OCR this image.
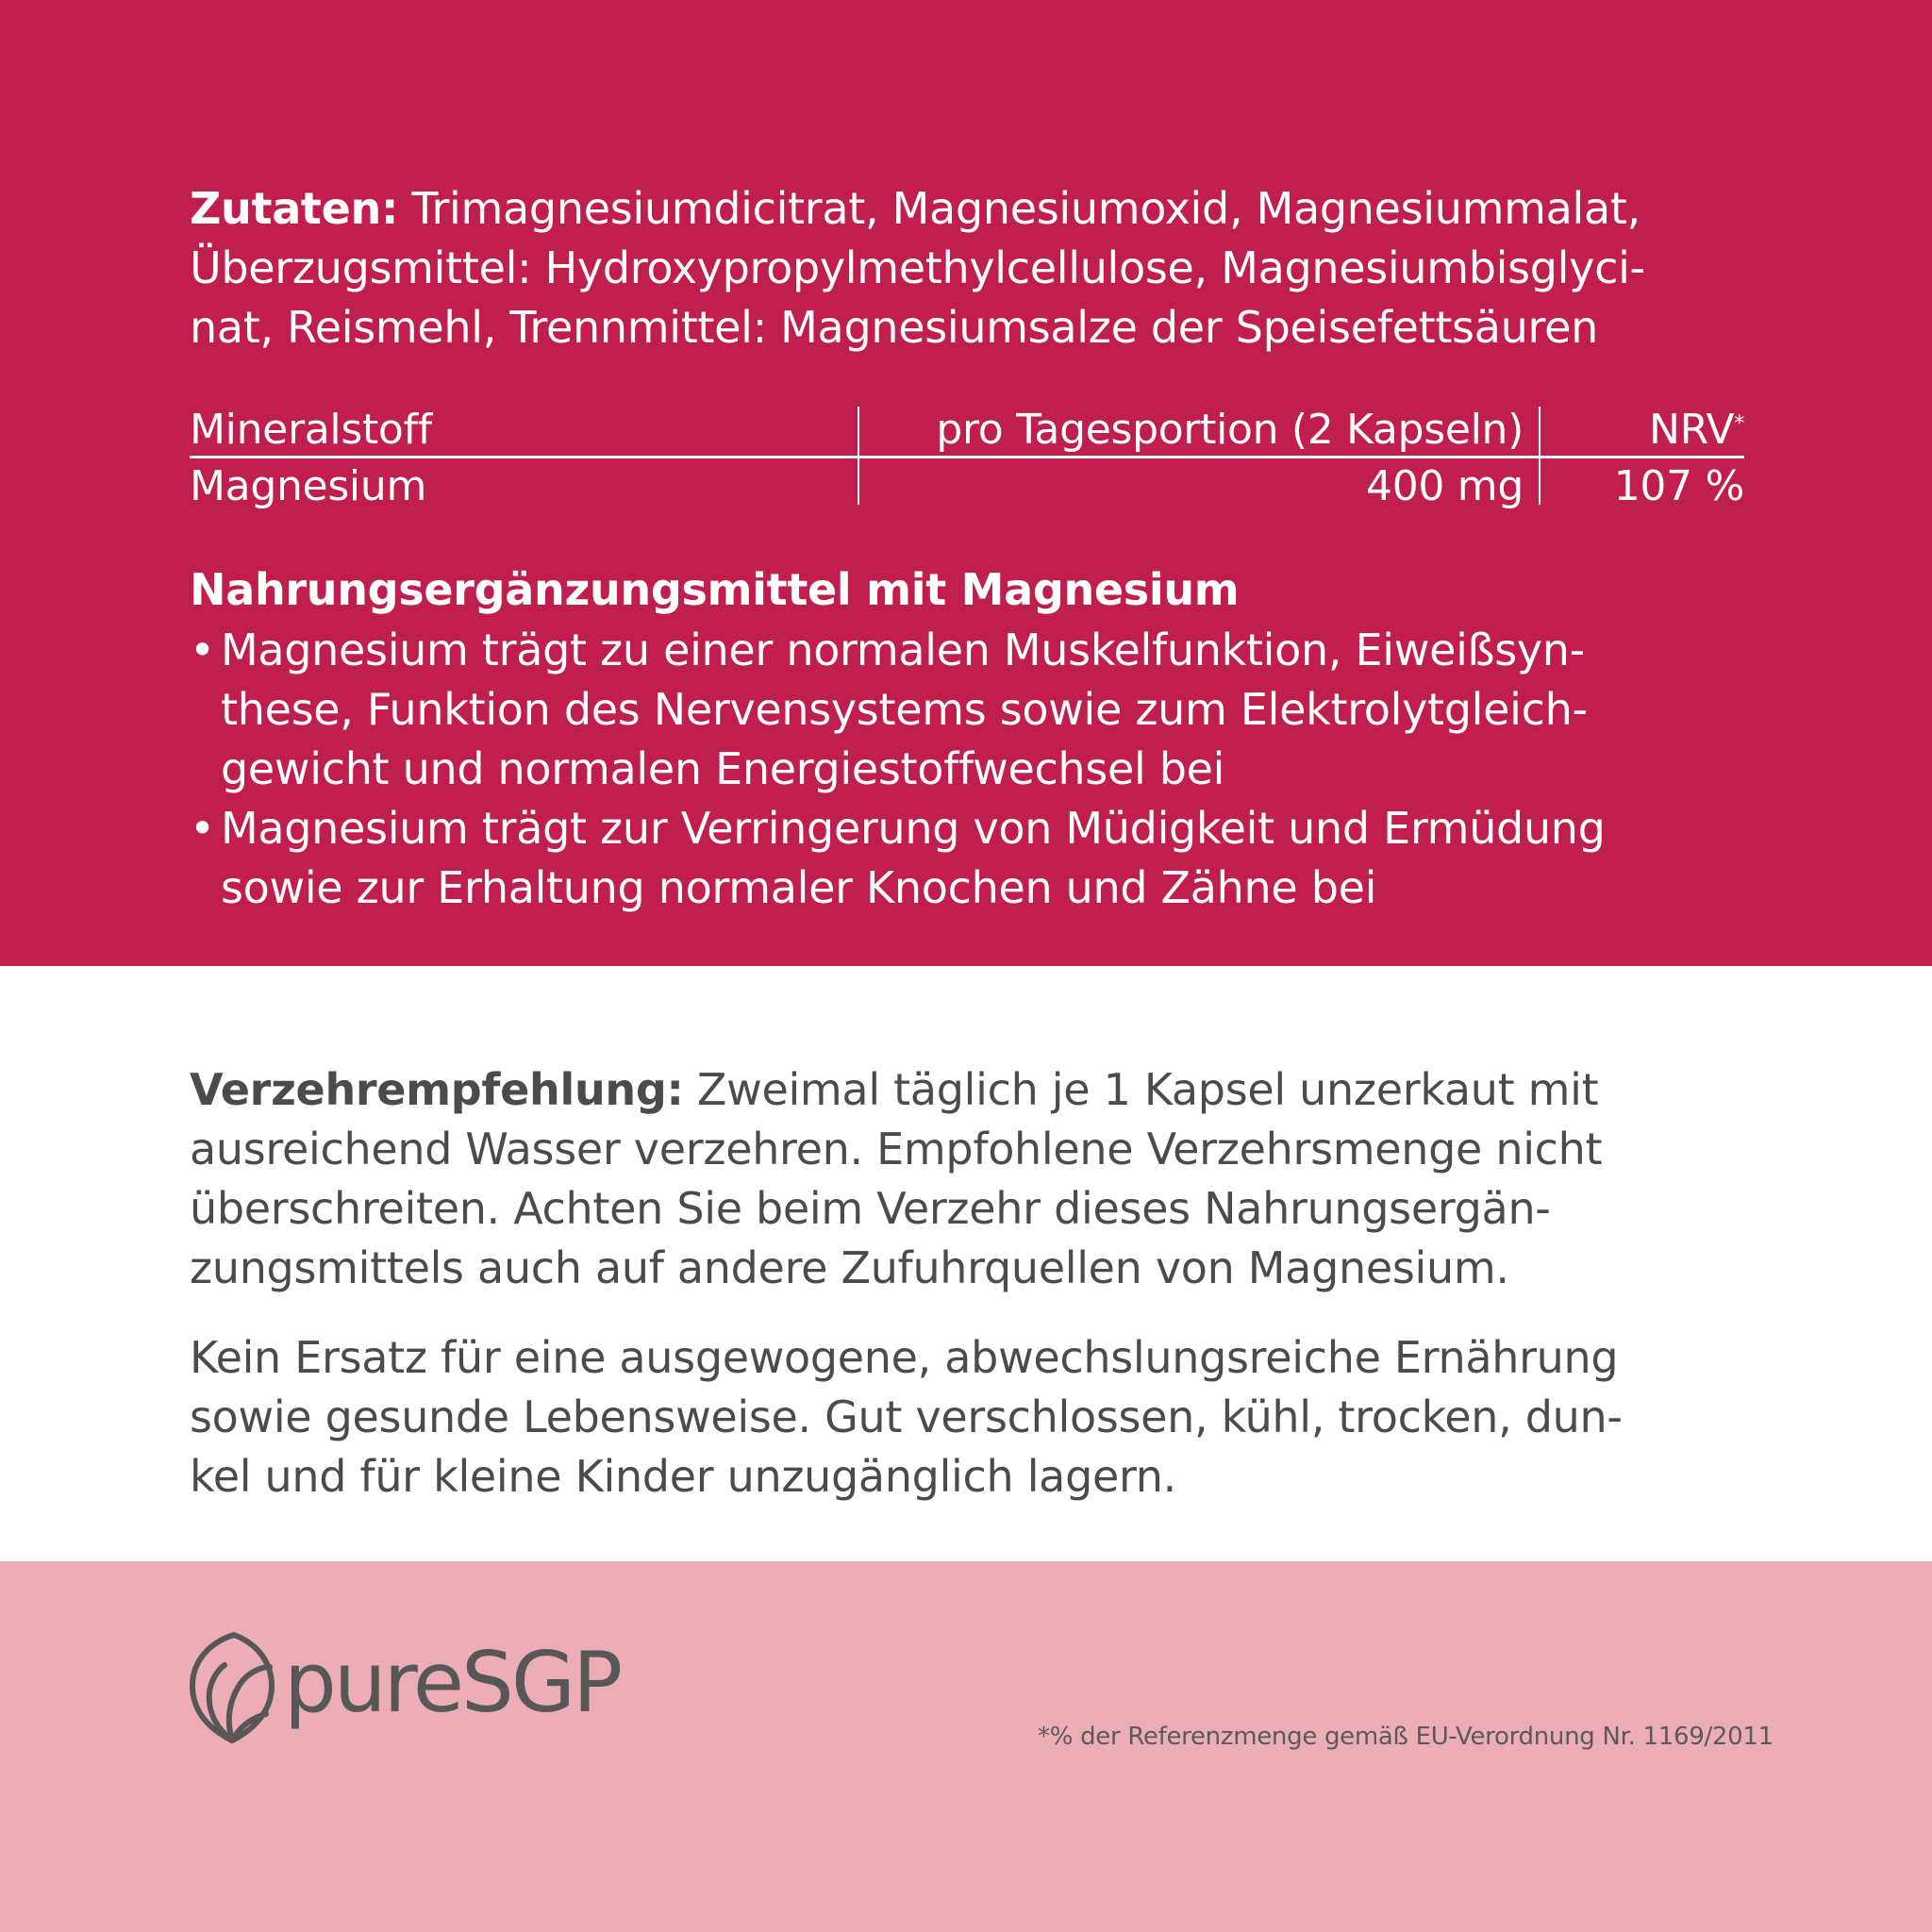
Zutaten: Trimagnesiumdicitrat, Magnesiumoxid, Magnesiummalat,
Überzugsmittel: Hydroxypropylmethylcellulose, Magnesiumbisglyci-
nat, Reismehl, Trennmittel: Magnesiumsalze der Speisefettsäuren

Mineralstoff	pro Tagesportion (2 Kapseln)	NRV*
Magnesium	400 mg 107 %
Nahrungsergänzungsmittel mit Magnesium
• Magnesium trägt zu einer normalen Muskelfunktion, Eiweißsyn-
these, Funktion des Nervensystems sowie zum Elektrolytgleich-
gewicht und normalen Energiestoffwechsel bei
• Magnesium trägt zur Verringerung von Müdigkeit und Ermüdung
sowie zur Erhaltung normaler Knochen und Zähne bei

Verzehrempfehlung: Zweimal täglich je 1 Kapsel unzerkaut mit
ausreichend Wasser verzehren. Empfohlene Verzehrsmenge nicht
überschreiten. Achten Sie beim Verzehr dieses Nahrungsergän-
zungsmittels auch auf andere Zufuhrquellen von Magnesium.

Kein Ersatz für eine ausgewogene, abwechslungsreiche Ernährung
sowie gesunde Lebensweise. Gut verschlossen, kühl, trocken, dun-
kel und für kleine Kinder unzugänglich lagern.

pureSGP
*% der Referenzmenge gemäß EU-Verordnung Nr. 1169/2011
